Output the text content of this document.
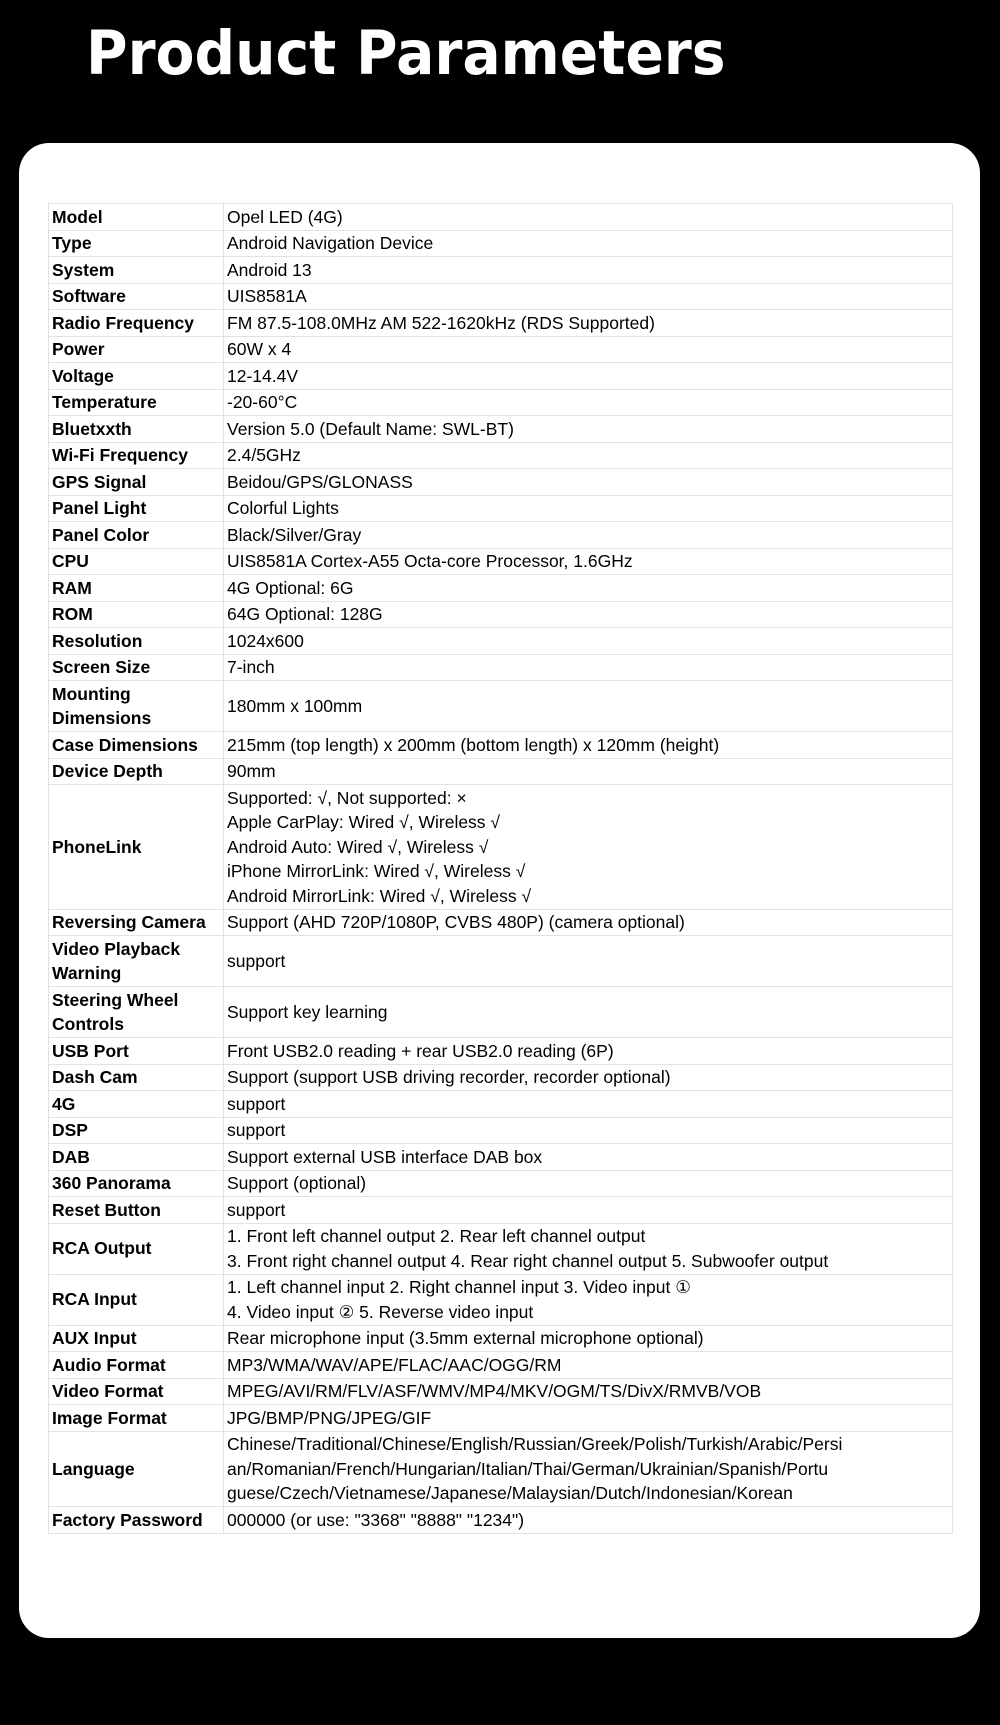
Product Parameters
Model	Opel LED (4G)

Type	Android Navigation Device

System	Android 13

Software	UIS8581A

Radio Frequency	FM 87.5-108.0MHz AM 522-1620kHz (RDS Supported)

Power	60W x 4

Voltage	12-14.4V

Temperature	-20-60°C

Bluetxxth	Version 5.0 (Default Name: SWL-BT)

Wi-Fi Frequency	2.4/5GHz

GPS Signal	Beidou/GPS/GLONASS

Panel Light	Colorful Lights

Panel Color	Black/Silver/Gray

CPU	UIS8581A Cortex-A55 Octa-core Processor, 1.6GHz

RAM	4G Optional: 6G

ROM	64G Optional: 128G

Resolution	1024x600

Screen Size	7-inch

Mounting
Dimensions	180mm x 100mm

Case Dimensions	215mm (top length) x 200mm (bottom length) x 120mm (height)

Device Depth	90mm

PhoneLink	Supported: √, Not supported: ×
Apple CarPlay: Wired √, Wireless √
Android Auto: Wired √, Wireless √
iPhone MirrorLink: Wired √, Wireless √
Android MirrorLink: Wired √, Wireless √

Reversing Camera	Support (AHD 720P/1080P, CVBS 480P) (camera optional)

Video Playback
Warning	support

Steering Wheel
Controls	Support key learning

USB Port	Front USB2.0 reading + rear USB2.0 reading (6P)

Dash Cam	Support (support USB driving recorder, recorder optional)

4G	support

DSP	support

DAB	Support external USB interface DAB box

360 Panorama	Support (optional)

Reset Button	support

RCA Output	1. Front left channel output 2. Rear left channel output
3. Front right channel output 4. Rear right channel output 5. Subwoofer output

RCA Input	1. Left channel input 2. Right channel input 3. Video input ①
4. Video input ② 5. Reverse video input

AUX Input	Rear microphone input (3.5mm external microphone optional)

Audio Format	MP3/WMA/WAV/APE/FLAC/AAC/OGG/RM

Video Format	MPEG/AVI/RM/FLV/ASF/WMV/MP4/MKV/OGM/TS/DivX/RMVB/VOB

Image Format	JPG/BMP/PNG/JPEG/GIF

Language	Chinese/Traditional/Chinese/English/Russian/Greek/Polish/Turkish/Arabic/Persi
an/Romanian/French/Hungarian/Italian/Thai/German/Ukrainian/Spanish/Portu
guese/Czech/Vietnamese/Japanese/Malaysian/Dutch/Indonesian/Korean

Factory Password	000000 (or use: "3368" "8888" "1234")
